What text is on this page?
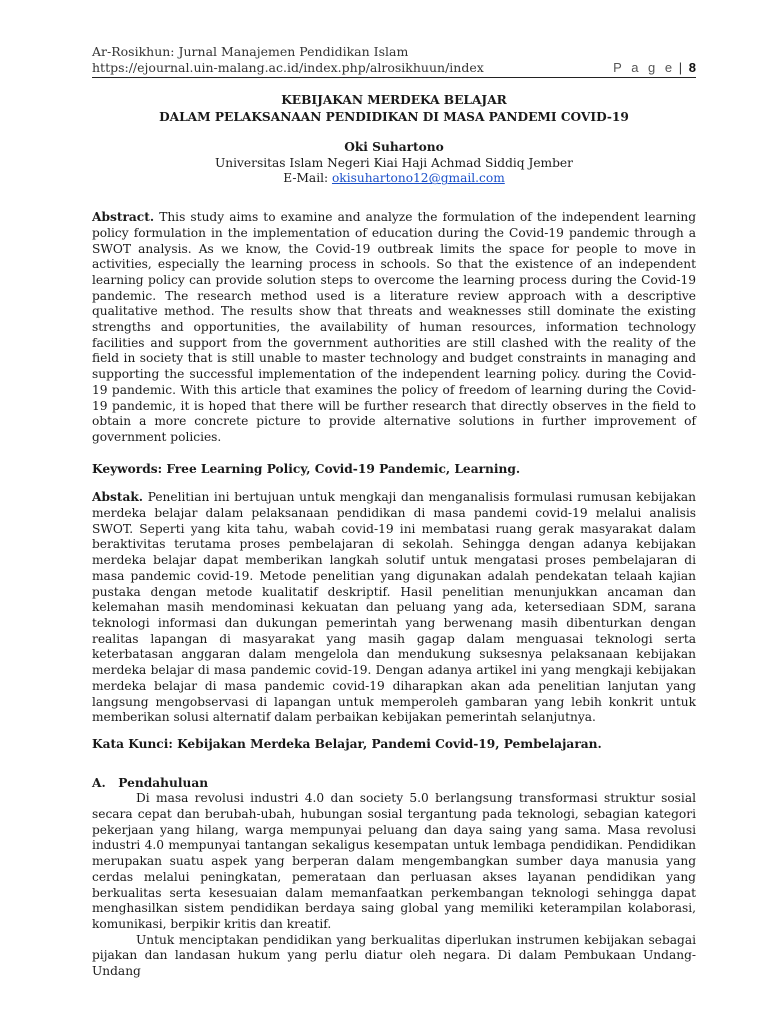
Ar-Rosikhun: Jurnal Manajemen Pendidikan Islam
https://ejournal.uin-malang.ac.id/index.php/alrosikhuun/index	P a g e | 8
KEBIJAKAN MERDEKA BELAJAR
DALAM PELAKSANAAN PENDIDIKAN DI MASA PANDEMI COVID-19
Oki Suhartono
Universitas Islam Negeri Kiai Haji Achmad Siddiq Jember
E-Mail: okisuhartono12@gmail.com

Abstract. This study aims to examine and analyze the formulation of the independent learning policy formulation in the implementation of education during the Covid-19 pandemic through a SWOT analysis. As we know, the Covid-19 outbreak limits the space for people to move in activities, especially the learning process in schools. So that the existence of an independent learning policy can provide solution steps to overcome the learning process during the Covid-19 pandemic. The research method used is a literature review approach with a descriptive qualitative method. The results show that threats and weaknesses still dominate the existing strengths and opportunities, the availability of human resources, information technology facilities and support from the government authorities are still clashed with the reality of the field in society that is still unable to master technology and budget constraints in managing and supporting the successful implementation of the independent learning policy. during the Covid-19 pandemic. With this article that examines the policy of freedom of learning during the Covid-19 pandemic, it is hoped that there will be further research that directly observes in the field to obtain a more concrete picture to provide alternative solutions in further improvement of government policies.

Keywords: Free Learning Policy, Covid-19 Pandemic, Learning.

Abstak. Penelitian ini bertujuan untuk mengkaji dan menganalisis formulasi rumusan kebijakan merdeka belajar dalam pelaksanaan pendidikan di masa pandemi covid-19 melalui analisis SWOT. Seperti yang kita tahu, wabah covid-19 ini membatasi ruang gerak masyarakat dalam beraktivitas terutama proses pembelajaran di sekolah. Sehingga dengan adanya kebijakan merdeka belajar dapat memberikan langkah solutif untuk mengatasi proses pembelajaran di masa pandemic covid-19. Metode penelitian yang digunakan adalah pendekatan telaah kajian pustaka dengan metode kualitatif deskriptif. Hasil penelitian menunjukkan ancaman dan kelemahan masih mendominasi kekuatan dan peluang yang ada, ketersediaan SDM, sarana teknologi informasi dan dukungan pemerintah yang berwenang masih dibenturkan dengan realitas lapangan di masyarakat yang masih gagap dalam menguasai teknologi serta keterbatasan anggaran dalam mengelola dan mendukung suksesnya pelaksanaan kebijakan merdeka belajar di masa pandemic covid-19. Dengan adanya artikel ini yang mengkaji kebijakan merdeka belajar di masa pandemic covid-19 diharapkan akan ada penelitian lanjutan yang langsung mengobservasi di lapangan untuk memperoleh gambaran yang lebih konkrit untuk memberikan solusi alternatif dalam perbaikan kebijakan pemerintah selanjutnya.

Kata Kunci: Kebijakan Merdeka Belajar, Pandemi Covid-19, Pembelajaran.

A. Pendahuluan

Di masa revolusi industri 4.0 dan society 5.0 berlangsung transformasi struktur sosial secara cepat dan berubah-ubah, hubungan sosial tergantung pada teknologi, sebagian kategori pekerjaan yang hilang, warga mempunyai peluang dan daya saing yang sama. Masa revolusi industri 4.0 mempunyai tantangan sekaligus kesempatan untuk lembaga pendidikan. Pendidikan merupakan suatu aspek yang berperan dalam mengembangkan sumber daya manusia yang cerdas melalui peningkatan, pemerataan dan perluasan akses layanan pendidikan yang berkualitas serta kesesuaian dalam memanfaatkan perkembangan teknologi sehingga dapat menghasilkan sistem pendidikan berdaya saing global yang memiliki keterampilan kolaborasi, komunikasi, berpikir kritis dan kreatif.

Untuk menciptakan pendidikan yang berkualitas diperlukan instrumen kebijakan sebagai pijakan dan landasan hukum yang perlu diatur oleh negara. Di dalam Pembukaan Undang-Undang
